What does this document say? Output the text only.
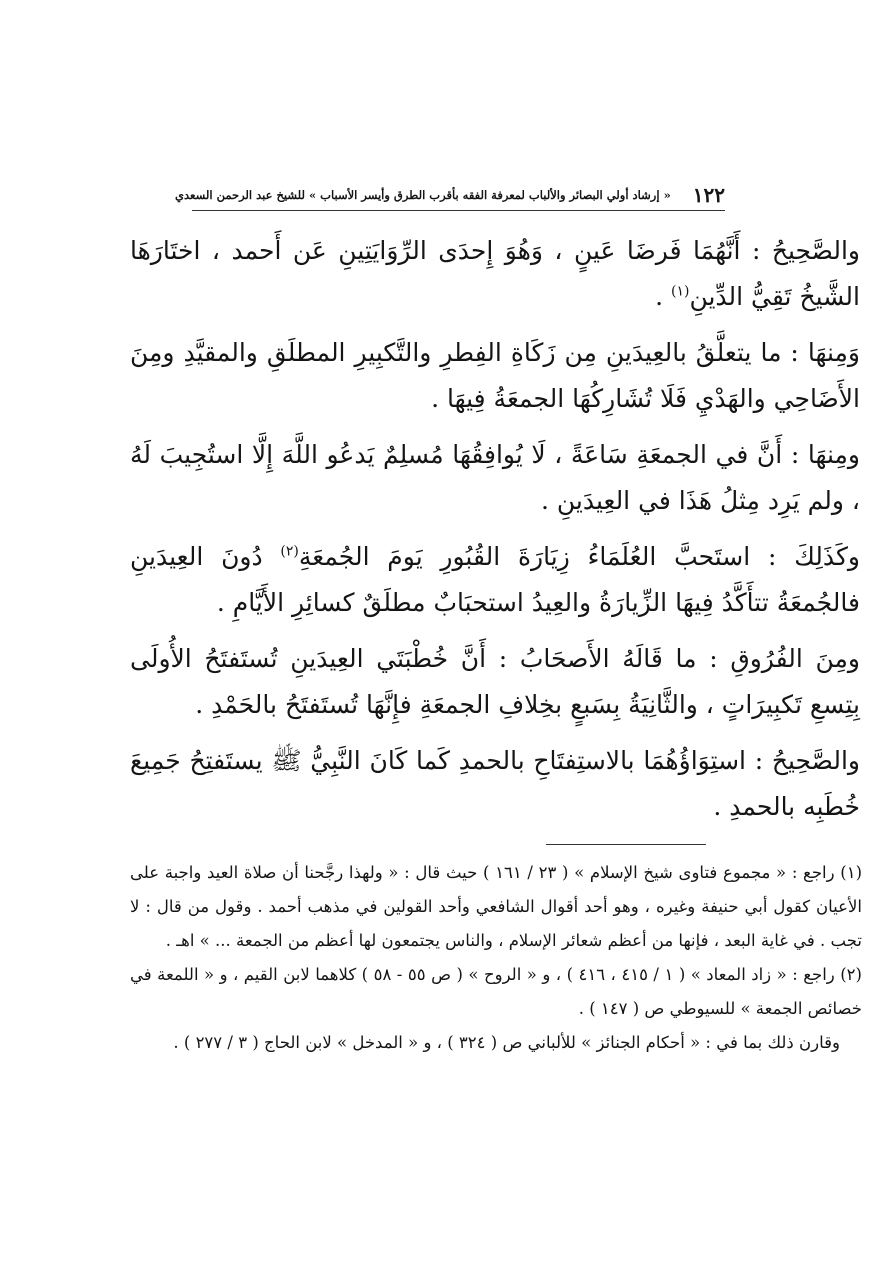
١٢٢
« إرشاد أولي البصائر والألباب لمعرفة الفقه بأقرب الطرق وأيسر الأسباب » للشيخ عبد الرحمن السعدي

والصَّحِيحُ : أَنَّهُمَا فَرضَا عَينٍ ، وَهُوَ إِحدَى الرِّوَايَتِينِ عَن أَحمد ، اختَارَهَا الشَّيخُ تَقِيُّ الدِّينِ$^{(١)}$ .

وَمِنهَا : ما يتعلَّقُ بالعِيدَينِ مِن زَكَاةِ الفِطرِ والتَّكبِيرِ المطلَقِ والمقيَّدِ ومِنَ الأَضَاحِي والهَدْيِ فَلَا تُشَارِكُهَا الجمعَةُ فِيهَا .

ومِنهَا : أَنَّ في الجمعَةِ سَاعَةً ، لَا يُوافِقُهَا مُسلِمٌ يَدعُو اللَّهَ إِلَّا استُجِيبَ لَهُ ، ولم يَرِد مِثلُ هَذَا في العِيدَينِ .

وكَذَلِكَ : استَحبَّ العُلَمَاءُ زِيَارَةَ القُبُورِ يَومَ الجُمعَةِ$^{(٢)}$ دُونَ العِيدَينِ فالجُمعَةُ تتأَكَّدُ فِيهَا الزِّيارَةُ والعِيدُ استحبَابٌ مطلَقٌ كسائِرِ الأَيَّامِ .

ومِنَ الفُرُوقِ : ما قَالَهُ الأَصحَابُ : أَنَّ خُطْبَتَي العِيدَينِ تُستَفتَحُ الأُولَى بِتِسعِ تَكبِيرَاتٍ ، والثَّانِيَةُ بِسَبعٍ بخِلافِ الجمعَةِ فإِنَّهَا تُستَفتَحُ بالحَمْدِ .

والصَّحِيحُ : استِوَاؤُهُمَا بالاستِفتَاحِ بالحمدِ كَما كَانَ النَّبِيُّ ﷺ يستَفتِحُ جَمِيعَ خُطَبِه بالحمدِ .

(١) راجع : « مجموع فتاوى شيخ الإسلام » ( ٢٣ / ١٦١ ) حيث قال : « ولهذا رجَّحنا أن صلاة العيد واجبة على الأعيان كقول أبي حنيفة وغيره ، وهو أحد أقوال الشافعي وأحد القولين في مذهب أحمد . وقول من قال : لا تجب . في غاية البعد ، فإنها من أعظم شعائر الإسلام ، والناس يجتمعون لها أعظم من الجمعة ... » اهـ .

(٢) راجع : « زاد المعاد » ( ١ / ٤١٥ ، ٤١٦ ) ، و « الروح » ( ص ٥٥ - ٥٨ ) كلاهما لابن القيم ، و « اللمعة في خصائص الجمعة » للسيوطي ص ( ١٤٧ ) .

وقارن ذلك بما في : « أحكام الجنائز » للألباني ص ( ٣٢٤ ) ، و « المدخل » لابن الحاج ( ٣ / ٢٧٧ ) .
